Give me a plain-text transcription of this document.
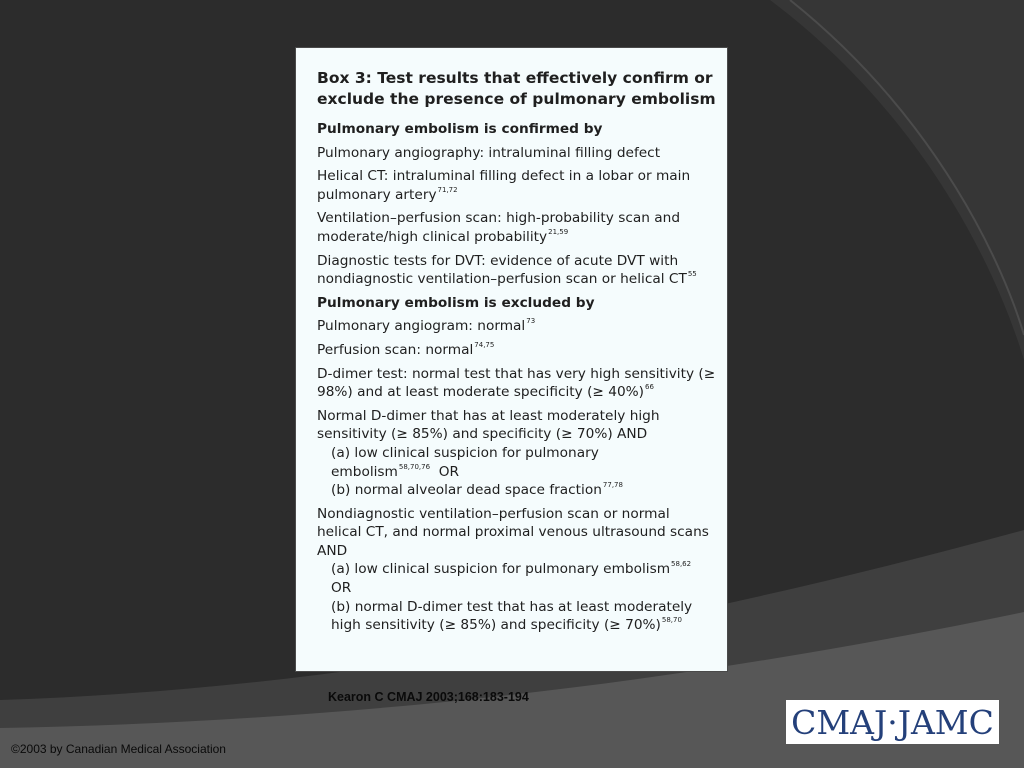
Box 3: Test results that effectively confirm or exclude the presence of pulmonary embolism
Pulmonary embolism is confirmed by
Pulmonary angiography: intraluminal filling defect
Helical CT: intraluminal filling defect in a lobar or main pulmonary artery$^{71,72}$
Ventilation–perfusion scan: high-probability scan and moderate/high clinical probability$^{21,59}$
Diagnostic tests for DVT: evidence of acute DVT with nondiagnostic ventilation–perfusion scan or helical CT$^{55}$
Pulmonary embolism is excluded by
Pulmonary angiogram: normal$^{73}$
Perfusion scan: normal$^{74,75}$
D-dimer test: normal test that has very high sensitivity (≥ 98%) and at least moderate specificity (≥ 40%)$^{66}$
Normal D-dimer that has at least moderately high sensitivity (≥ 85%) and specificity (≥ 70%) AND
(a) low clinical suspicion for pulmonary embolism$^{58,70,76}$ OR
(b) normal alveolar dead space fraction$^{77,78}$
Nondiagnostic ventilation–perfusion scan or normal helical CT, and normal proximal venous ultrasound scans AND
(a) low clinical suspicion for pulmonary embolism$^{58,62}$
OR
(b) normal D-dimer test that has at least moderately high sensitivity (≥ 85%) and specificity (≥ 70%)$^{58,70}$
Kearon C CMAJ 2003;168:183-194
©2003 by Canadian Medical Association
CMAJ·JAMC
